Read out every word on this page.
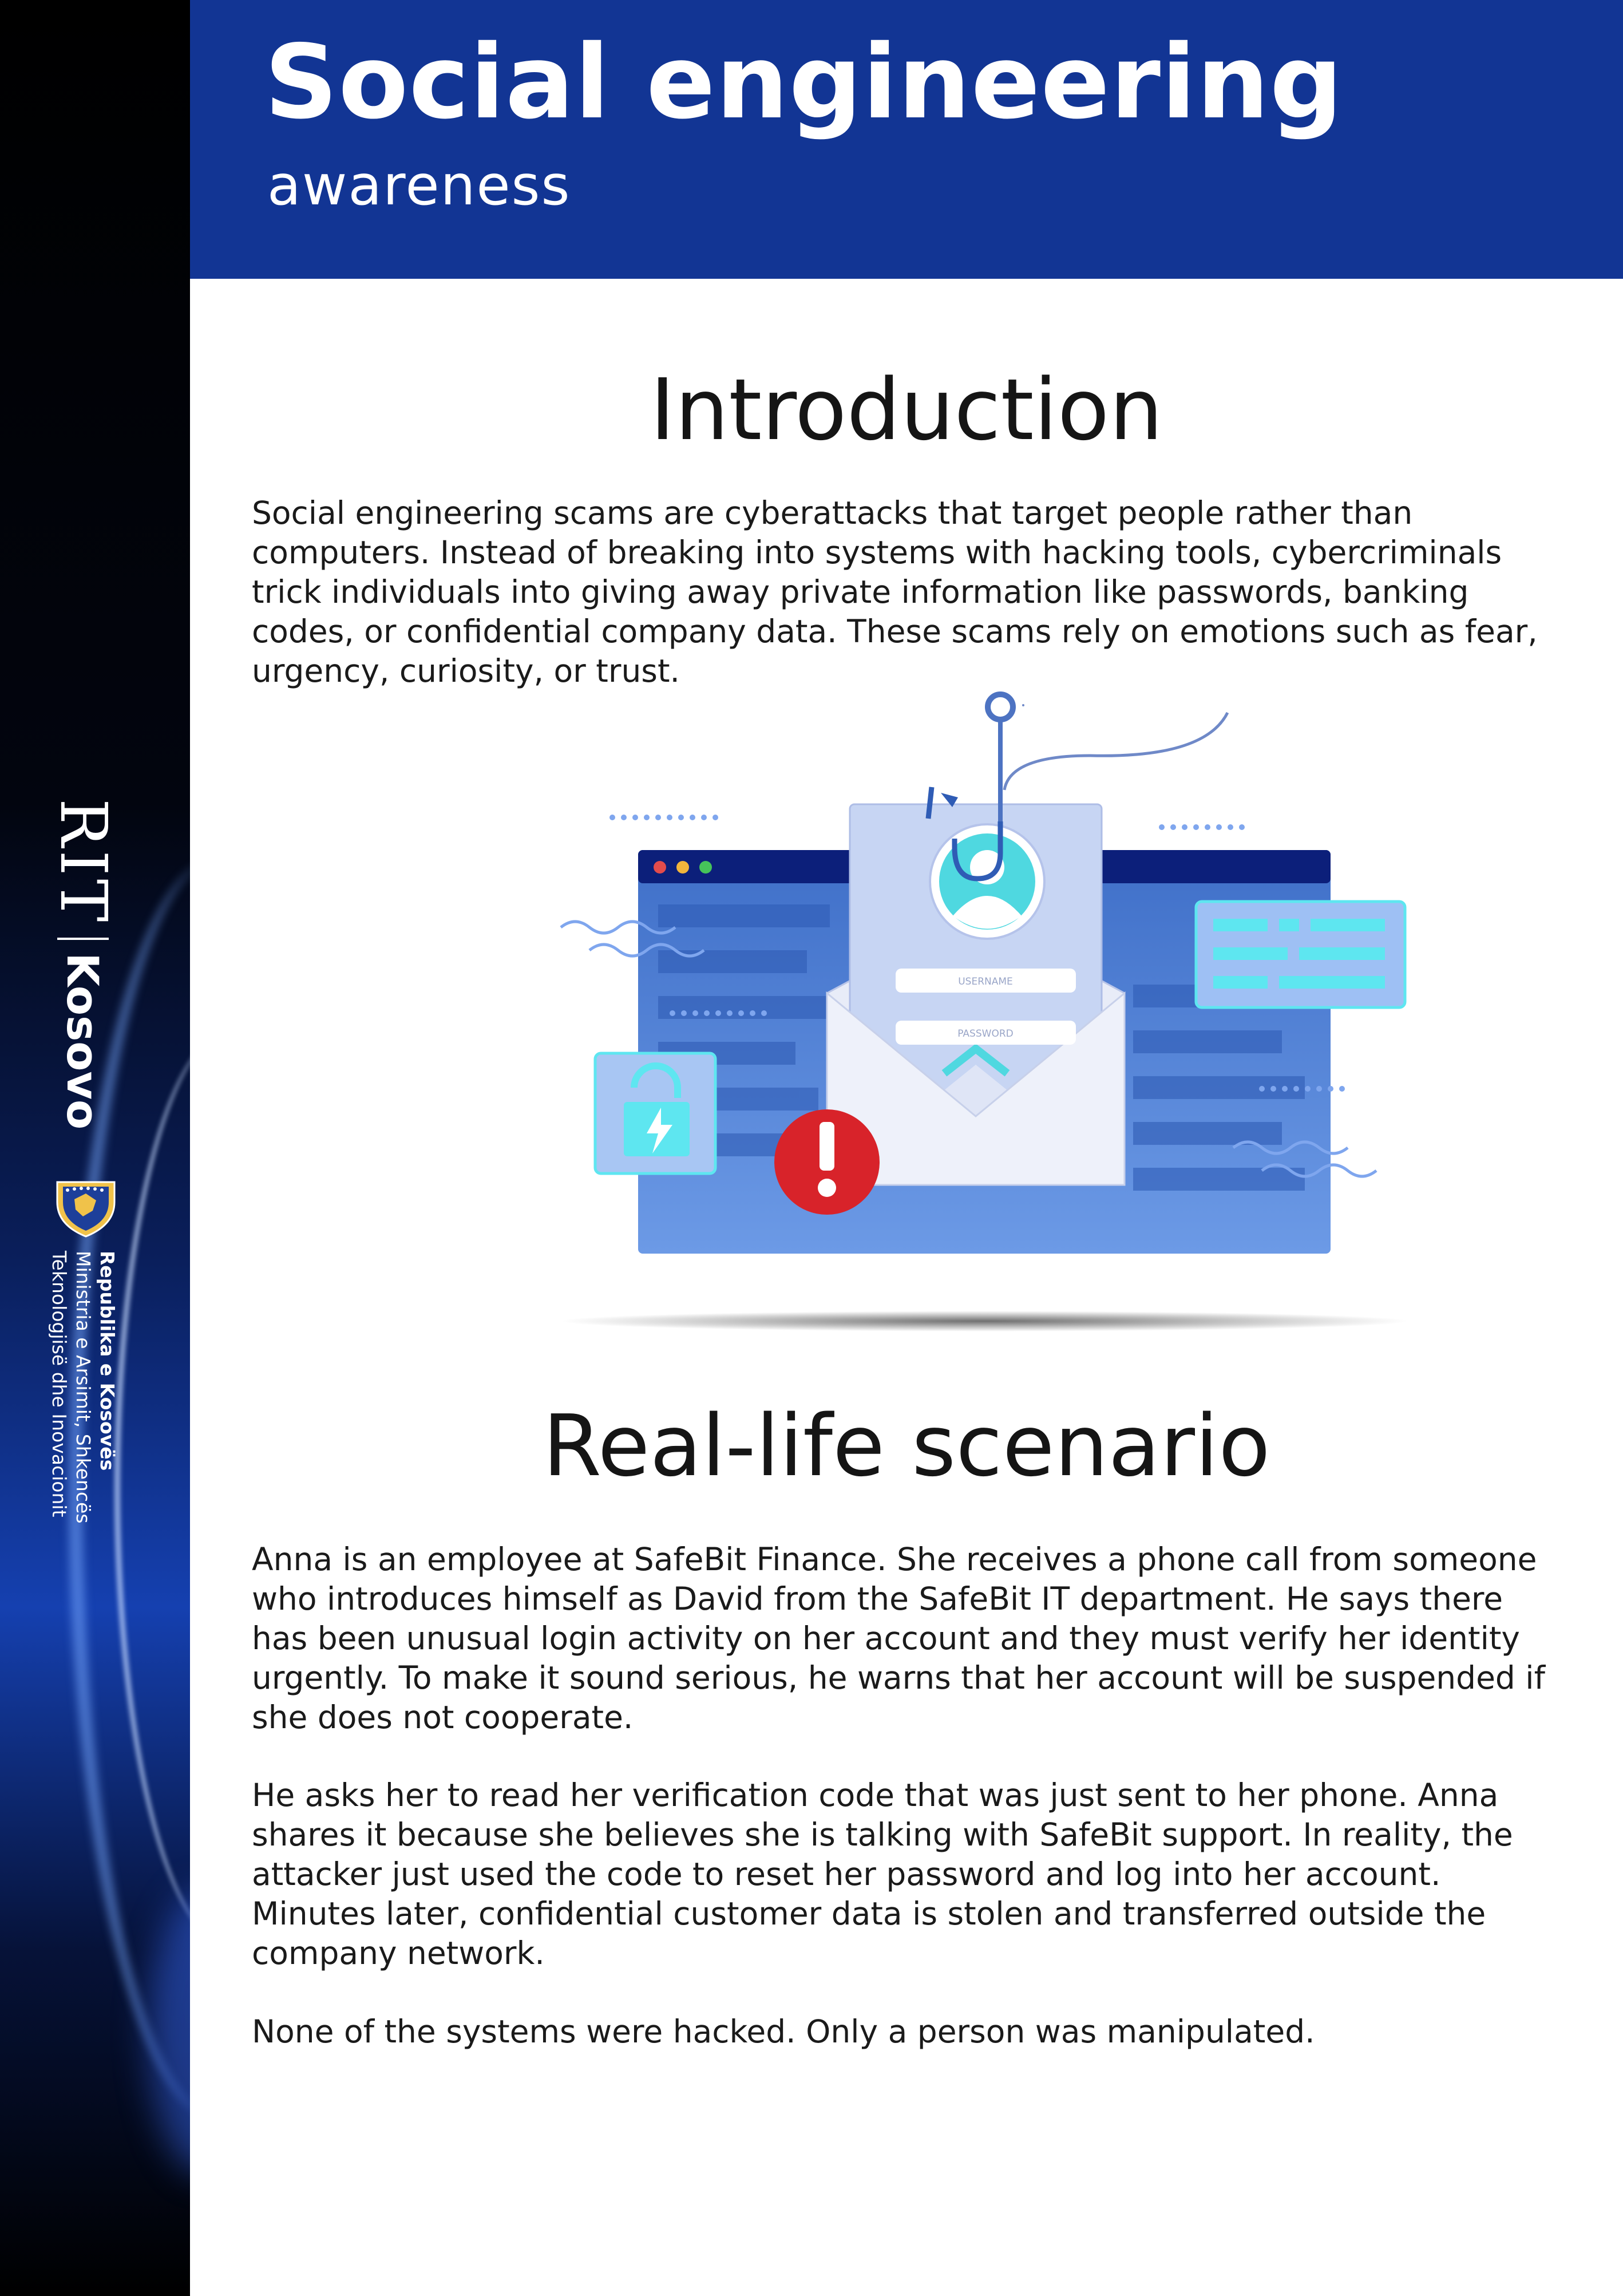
RIT
Kosovo
Republika e Kosovës
Ministria e Arsimit, Shkencës
Teknologjisë dhe Inovacionit
Social engineering
awareness
Introduction
Social engineering scams are cyberattacks that target people rather than computers. Instead of breaking into systems with hacking tools, cybercriminals trick individuals into giving away private information like passwords, banking codes, or confidential company data. These scams rely on emotions such as fear, urgency, curiosity, or trust.
USERNAME
PASSWORD
Real-life scenario
Anna is an employee at SafeBit Finance. She receives a phone call from someone who introduces himself as David from the SafeBit IT department. He says there has been unusual login activity on her account and they must verify her identity urgently. To make it sound serious, he warns that her account will be suspended if she does not cooperate.
He asks her to read her verification code that was just sent to her phone. Anna shares it because she believes she is talking with SafeBit support. In reality, the attacker just used the code to reset her password and log into her account. Minutes later, confidential customer data is stolen and transferred outside the company network.
None of the systems were hacked. Only a person was manipulated.
